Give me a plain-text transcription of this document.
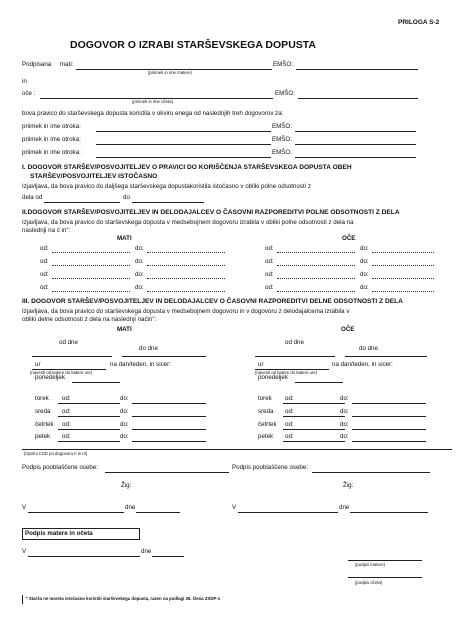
PRILOGA S-2
DOGOVOR O IZRABI STARŠEVSKEGA DOPUSTA
Podpisana mati:	EMŠO:
(priimek in ime matere)
in
oče :	EMŠO:
(priimek in ime očeta)
bova pravico do starševskega dopusta koristila v okviru enega od naslednjih treh dogovorov za:
priimek in ime otroka:	EMŠO:
priimek in ime otroka:	EMŠO:
priimek in ime otroka:	EMŠO:
I. DOGOVOR STARŠEV/POSVOJITELJEV O PRAVICI DO KORIŠČENJA STARŠEVSKEGA DOPUSTA OBEH
STARŠEV/POSVOJITELJEV ISTOČASNO
Izjavljava, da bova pravico do daljšega starševskega dopustakoristila istočasno v obliki polne odsotnosti z
dela od	do
II.DOGOVOR STARŠEV/POSVOJITELJEV IN DELODAJALCEV O ČASOVNI RAZPOREDITVI POLNE ODSOTNOSTI Z DELA
Izjavljava, da bova pravico do starševskega dopusta v medsebojnem dogovoru izrabila v obliki polne odsotnosti z dela na
naslednji na č in":
MATI	OČE
od:	do:	od:	do:
od:	do:	od:	do:
od:	do:	od:	do:
od:	do:	od:	do:
III. DOGOVOR STARŠEV/POSVOJITELJEV IN DELODAJALCEV O ČASOVNI RAZPOREDITVI DELNE ODSOTNOSTI Z DELA
Izjavljava, da bova pravico do starševskega dopusta v medsebojnem dogovoru in v dogovoru z delodajalcema izrabila v
obliki delne odsotnosti z dela na naslednji način":
MATI	OČE
od dne
do dne
ur	na dan/teden, in sicer:
(navesti od katere do katere ure)
od dne
do dne
ur	na dan/teden, in sicer:
(navesti od katere do katere ure)
ponedeljek	ponedeljek
torek od:	do:	torek od:	do:
sreda od:	do:	sreda od:	do:
četrtek od:	do:	četrtek od:	do:
petek od:	do:	petek od:	do:
(izpolni CSD po dogovoru II in III)
Podpis pooblaščene osebe:	Podpis pooblaščene osebe:
Žig:	Žig:
V	dne	V	dne
Podpis matere in očeta
V	dne
(podpis matere)
(podpis očeta)
* Starša ne moreta istočasno koristiti starševskega dopusta, razen na podlagi 35. člena ZSDP-1
